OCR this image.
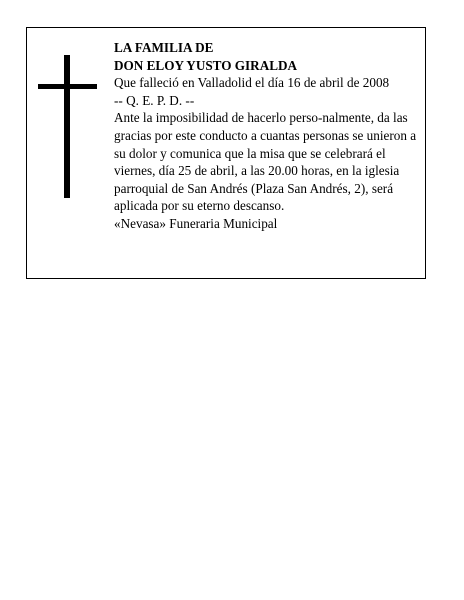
LA FAMILIA DE

DON ELOY YUSTO GIRALDA

Que falleció en Valladolid el día 16 de abril de 2008

-- Q. E. P. D. --

Ante la imposibilidad de hacerlo perso-nalmente, da las gracias por este conducto a cuantas personas se unieron a su dolor y comunica que la misa que se celebrará el viernes, día 25 de abril, a las 20.00 horas, en la iglesia parroquial de San Andrés (Plaza San Andrés, 2), será aplicada por su eterno descanso.

«Nevasa» Funeraria Municipal
